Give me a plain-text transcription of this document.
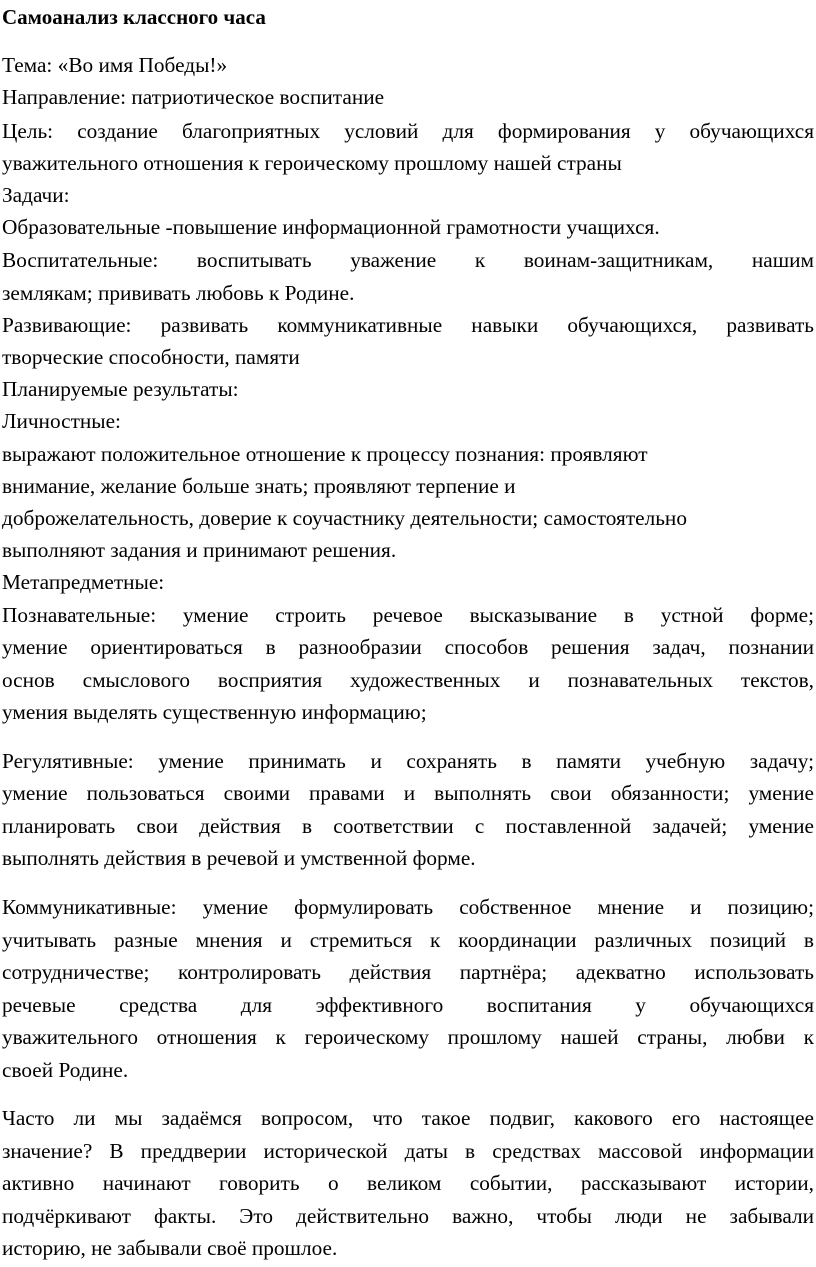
Самоанализ классного часа
Тема: «Во имя Победы!»
Направление: патриотическое воспитание
Цель: создание благоприятных условий для формирования у обучающихся
уважительного отношения к героическому прошлому нашей страны
Задачи:
Образовательные -повышение информационной грамотности учащихся.
Воспитательные: воспитывать уважение к воинам-защитникам, нашим
землякам; прививать любовь к Родине.
Развивающие: развивать коммуникативные навыки обучающихся, развивать
творческие способности, памяти
Планируемые результаты:
Личностные:
выражают положительное отношение к процессу познания: проявляют
внимание, желание больше знать; проявляют терпение и
доброжелательность, доверие к соучастнику деятельности; самостоятельно
выполняют задания и принимают решения.
Метапредметные:
Познавательные: умение строить речевое высказывание в устной форме;
умение ориентироваться в разнообразии способов решения задач, познании
основ смыслового восприятия художественных и познавательных текстов,
умения выделять существенную информацию;
Регулятивные: умение принимать и сохранять в памяти учебную задачу;
умение пользоваться своими правами и выполнять свои обязанности; умение
планировать свои действия в соответствии с поставленной задачей; умение
выполнять действия в речевой и умственной форме.
Коммуникативные: умение формулировать собственное мнение и позицию;
учитывать разные мнения и стремиться к координации различных позиций в
сотрудничестве; контролировать действия партнёра; адекватно использовать
речевые средства для эффективного воспитания у обучающихся
уважительного отношения к героическому прошлому нашей страны, любви к
своей Родине.
Часто ли мы задаёмся вопросом, что такое подвиг, какового его настоящее
значение? В преддверии исторической даты в средствах массовой информации
активно начинают говорить о великом событии, рассказывают истории,
подчёркивают факты. Это действительно важно, чтобы люди не забывали
историю, не забывали своё прошлое.
